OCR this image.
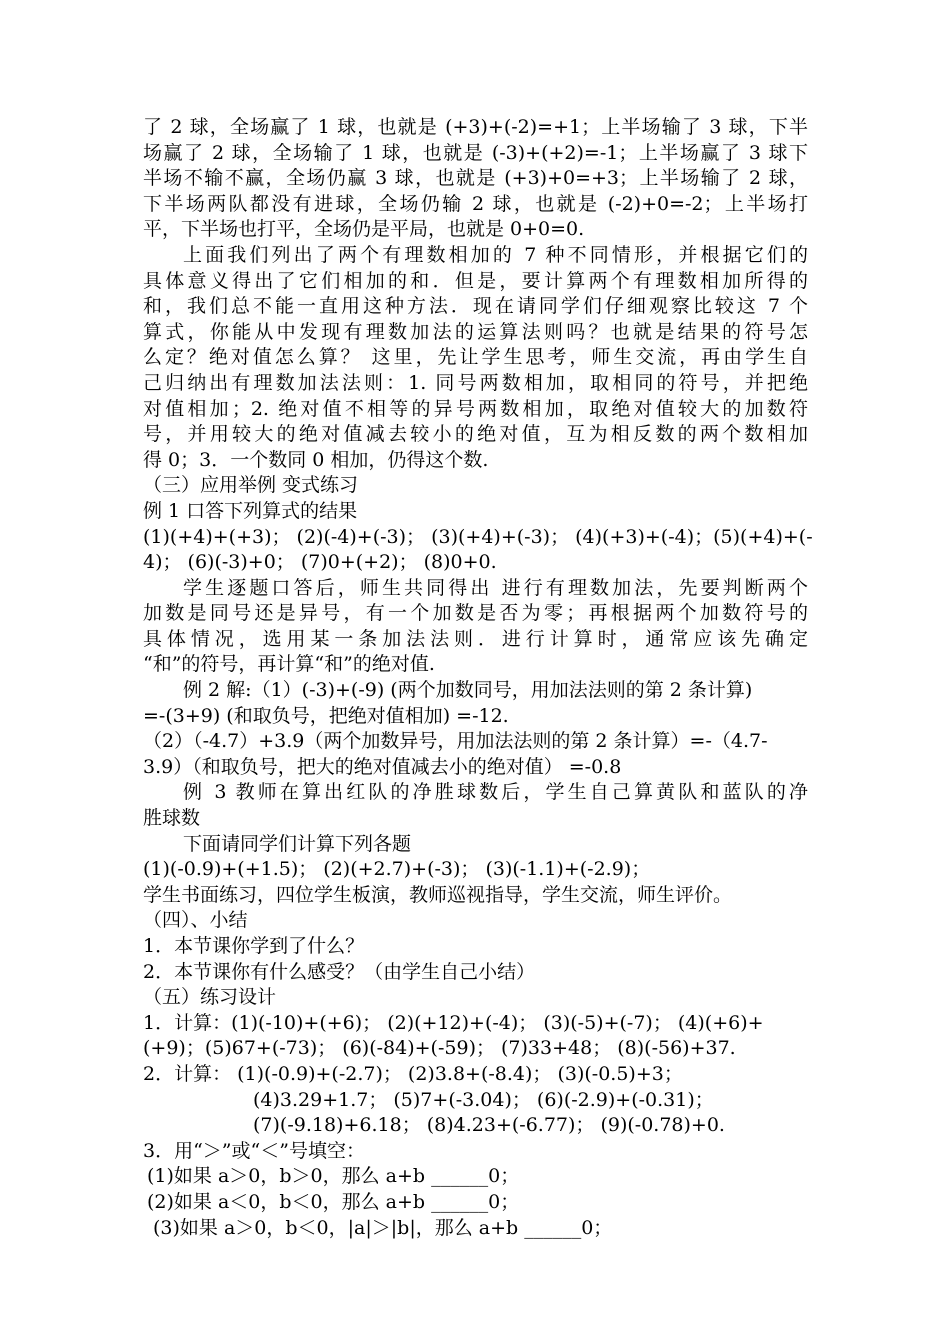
了 2 球，全场赢了 1 球，也就是 (+3)+(-2)=+1；上半场输了 3 球，下半
场赢了 2 球，全场输了 1 球，也就是 (-3)+(+2)=-1；上半场赢了 3 球下
半场不输不赢，全场仍赢 3 球，也就是 (+3)+0=+3；上半场输了 2 球，
下半场两队都没有进球，全场仍输 2 球，也就是 (-2)+0=-2；上半场打
平，下半场也打平，全场仍是平局，也就是 0+0=0.
上面我们列出了两个有理数相加的 7 种不同情形，并根据它们的
具体意义得出了它们相加的和．但是，要计算两个有理数相加所得的
和，我们总不能一直用这种方法．现在请同学们仔细观察比较这 7 个
算式，你能从中发现有理数加法的运算法则吗？也就是结果的符号怎
么定？绝对值怎么算？ 这里，先让学生思考，师生交流，再由学生自
己归纳出有理数加法法则：1. 同号两数相加，取相同的符号，并把绝
对值相加；2. 绝对值不相等的异号两数相加，取绝对值较大的加数符
号，并用较大的绝对值减去较小的绝对值，互为相反数的两个数相加
得 0；3．一个数同 0 相加，仍得这个数.
（三）应用举例 变式练习
例 1 口答下列算式的结果
(1)(+4)+(+3)； (2)(-4)+(-3)； (3)(+4)+(-3)； (4)(+3)+(-4)；(5)(+4)+(-
4)； (6)(-3)+0； (7)0+(+2)； (8)0+0.
学生逐题口答后，师生共同得出 进行有理数加法，先要判断两个
加数是同号还是异号，有一个加数是否为零；再根据两个加数符号的
具体情况，选用某一条加法法则．进行计算时，通常应该先确定
“和”的符号，再计算“和”的绝对值.
例 2 解:（1）(-3)+(-9) (两个加数同号，用加法法则的第 2 条计算)
=-(3+9) (和取负号，把绝对值相加) =-12.
（2）（-4.7）+3.9（两个加数异号，用加法法则的第 2 条计算）=-（4.7-
3.9）（和取负号，把大的绝对值减去小的绝对值） =-0.8
例 3 教师在算出红队的净胜球数后，学生自己算黄队和蓝队的净
胜球数
下面请同学们计算下列各题
(1)(-0.9)+(+1.5)； (2)(+2.7)+(-3)； (3)(-1.1)+(-2.9)；
学生书面练习，四位学生板演，教师巡视指导，学生交流，师生评价。
（四）、小结
1．本节课你学到了什么？
2．本节课你有什么感受？（由学生自己小结）
（五）练习设计
1．计算：(1)(-10)+(+6)； (2)(+12)+(-4)； (3)(-5)+(-7)； (4)(+6)+
(+9)；(5)67+(-73)； (6)(-84)+(-59)； (7)33+48； (8)(-56)+37.
2．计算： (1)(-0.9)+(-2.7)； (2)3.8+(-8.4)； (3)(-0.5)+3；
(4)3.29+1.7； (5)7+(-3.04)； (6)(-2.9)+(-0.31)；
(7)(-9.18)+6.18； (8)4.23+(-6.77)； (9)(-0.78)+0.
3．用“＞”或“＜”号填空：
(1)如果 a＞0，b＞0，那么 a+b ______0；
(2)如果 a＜0，b＜0，那么 a+b ______0；
(3)如果 a＞0，b＜0，|a|＞|b|，那么 a+b ______0；
